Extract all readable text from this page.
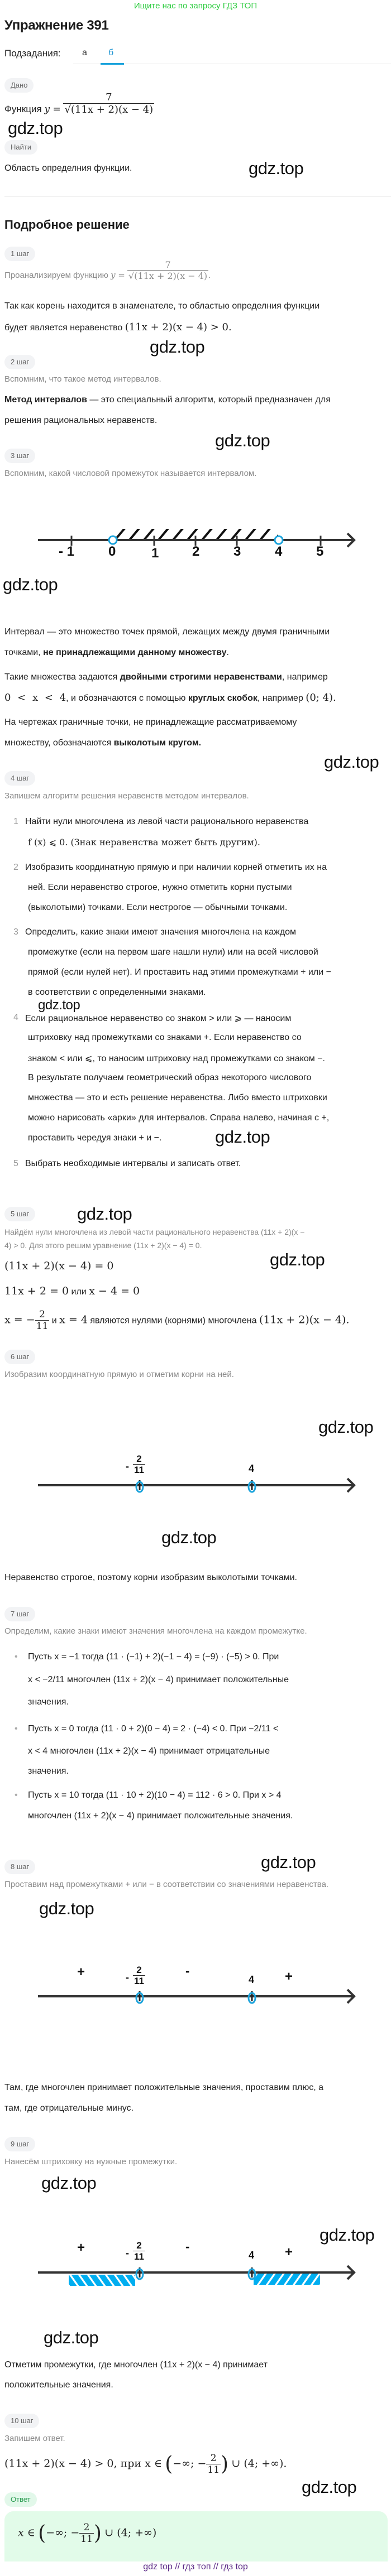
Ищите нас по запросу ГДЗ ТОП
Упражнение 391
Подзадания: а б
Дано
Функция $y = \frac{7}{√(11x + 2)(x - 4)}$
gdz.top
Найти
Область определния функции.	gdz.top
Подробное решение
1 шаг
Проанализируем функцию $y = \frac{7}{√(11x + 2)(x - 4)}$ .
Так как корень находится в знаменателе, то областью определния функции
будет является неравенство (11x + 2)(x − 4) > 0.
gdz.top
2 шаг
Вспомним, что такое метод интервалов.
Метод интервалов — это специальный алгоритм, который предназначен для
решения рациональных неравенств.
gdz.top
3 шаг
Вспомним, какой числовой промежуток называется интервалом.
- 1	0	1 2	3	4	5
gdz.top
Интервал — это множество точек прямой, лежащих между двумя граничными
точками, не принадлежащими данному множеству.
Такие множества задаются двойными строгими неравенствами, например
0 < x < 4, и обозначаются с помощью круглых скобок, например (0; 4).
На чертежах граничные точки, не принадлежащие рассматриваемому
множеству, обозначаются выколотым кругом.
gdz.top
4 шаг
Запишем алгоритм решения неравенств методом интервалов.
1 Найти нули многочлена из левой части рационального неравенства
f (x) ⩽ 0. (Знак неравенства может быть другим).
2 Изобразить координатную прямую и при наличии корней отметить их на
ней. Если неравенство строгое, нужно отметить корни пустыми
(выколотыми) точками. Если нестрогое — обычными точками.
3 Определить, какие знаки имеют значения многочлена на каждом
промежутке (если на первом шаге нашли нули) или на всей числовой
прямой (если нулей нет). И проставить над этими промежутками + или −
в соответствии с определенными знаками.
gdz.top
4 Если рациональное неравенство со знаком > или ⩾ — наносим
штриховку над промежутками со знаками +. Если неравенство со
знаком < или ⩽, то наносим штриховку над промежутками со знаком −.
В результате получаем геометрический образ некоторого числового
множества — это и есть решение неравенства. Либо вместо штриховки
можно нарисовать «арки» для интервалов. Справа налево, начиная с +,
проставить чередуя знаки + и −.	gdz.top
5 Выбрать необходимые интервалы и записать ответ.
5 шаг	gdz.top
Найдём нули многочлена из левой части рационального неравенства (11x + 2)(x −
4) > 0. Для этого решим уравнение (11x + 2)(x − 4) = 0.
gdz.top
(11x + 2)(x − 4) = 0
11x + 2 = 0 или x − 4 = 0
x = − $\frac{2}{11}$ и x = 4 являются нулями (корнями) многочлена (11x + 2)(x − 4).
6 шаг
Изобразим координатную прямую и отметим корни на ней.
gdz.top
- $\frac{2}{11}$	4
gdz.top
Неравенство строгое, поэтому корни изобразим выколотыми точками.
7 шаг
Определим, какие знаки имеют значения многочлена на каждом промежутке.
• Пусть x = −1 тогда (11 · (−1) + 2)(−1 − 4) = (−9) · (−5) > 0. При
x < −2/11 многочлен (11x + 2)(x − 4) принимает положительные
значения.
• Пусть x = 0 тогда (11 · 0 + 2)(0 − 4) = 2 · (−4) < 0. При −2/11 <
x < 4 многочлен (11x + 2)(x − 4) принимает отрицательные
значения.
• Пусть x = 10 тогда (11 · 10 + 2)(10 − 4) = 112 · 6 > 0. При x > 4
многочлен (11x + 2)(x − 4) принимает положительные значения.
8 шаг	gdz.top
Проставим над промежутками + или − в соответствии со значениями неравенства.
gdz.top
+	-	+
- $\frac{2}{11}$	4
Там, где многочлен принимает положительные значения, проставим плюс, а
там, где отрицательные минус.
9 шаг
Нанесём штриховку на нужные промежутки.
gdz.top
gdz.top
+	-	+
- $\frac{2}{11}$	4
gdz.top
Отметим промежутки, где многочлен (11x + 2)(x − 4) принимает
положительные значения.
10 шаг
Запишем ответ.
(11x + 2)(x − 4) > 0, при x ∈ (−∞; − $\frac{2}{11}$ ) ∪ (4; +∞).
gdz.top
Ответ
x ∈ (−∞; − $\frac{2}{11}$ ) ∪ (4; +∞)
gdz top // гдз топ // гдз top
